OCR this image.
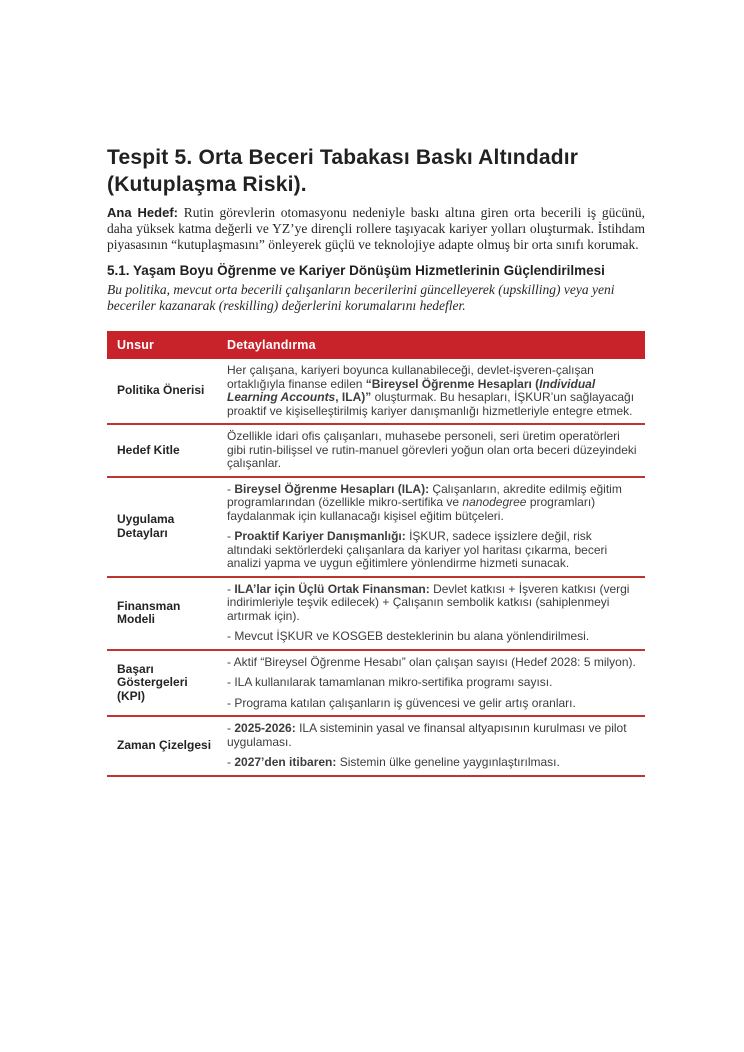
Tespit 5. Orta Beceri Tabakası Baskı Altındadır (Kutuplaşma Riski).

Ana Hedef: Rutin görevlerin otomasyonu nedeniyle baskı altına giren orta becerili iş gücünü, daha yüksek katma değerli ve YZ’ye dirençli rollere taşıyacak kariyer yolları oluşturmak. İstihdam piyasasının “kutuplaşmasını” önleyerek güçlü ve teknolojiye adapte olmuş bir orta sınıfı korumak.

5.1. Yaşam Boyu Öğrenme ve Kariyer Dönüşüm Hizmetlerinin Güçlendirilmesi

Bu politika, mevcut orta becerili çalışanların becerilerini güncelleyerek (upskilling) veya yeni beceriler kazanarak (reskilling) değerlerini korumalarını hedefler.

Unsur	Detaylandırma
Politika Önerisi	Her çalışana, kariyeri boyunca kullanabileceği, devlet-işveren-çalışan ortaklığıyla finanse edilen “Bireysel Öğrenme Hesapları (Individual Learning Accounts, ILA)” oluşturmak. Bu hesapları, İŞKUR’un sağlayacağı proaktif ve kişiselleştirilmiş kariyer danışmanlığı hizmetleriyle entegre etmek.

Hedef Kitle	Özellikle idari ofis çalışanları, muhasebe personeli, seri üretim operatörleri gibi rutin-bilişsel ve rutin-manuel görevleri yoğun olan orta beceri düzeyindeki çalışanlar.

Uygulama Detayları	- Bireysel Öğrenme Hesapları (ILA): Çalışanların, akredite edilmiş eğitim programlarından (özellikle mikro-sertifika ve nanodegree programları) faydalanmak için kullanacağı kişisel eğitim bütçeleri.

- Proaktif Kariyer Danışmanlığı: İŞKUR, sadece işsizlere değil, risk altındaki sektörlerdeki çalışanlara da kariyer yol haritası çıkarma, beceri analizi yapma ve uygun eğitimlere yönlendirme hizmeti sunacak.

Finansman Modeli	- ILA’lar için Üçlü Ortak Finansman: Devlet katkısı + İşveren katkısı (vergi indirimleriyle teşvik edilecek) + Çalışanın sembolik katkısı (sahiplenmeyi artırmak için).

- Mevcut İŞKUR ve KOSGEB desteklerinin bu alana yönlendirilmesi.

Başarı Göstergeleri (KPI)	- Aktif “Bireysel Öğrenme Hesabı” olan çalışan sayısı (Hedef 2028: 5 milyon).

- ILA kullanılarak tamamlanan mikro-sertifika programı sayısı.

- Programa katılan çalışanların iş güvencesi ve gelir artış oranları.

Zaman Çizelgesi	- 2025-2026: ILA sisteminin yasal ve finansal altyapısının kurulması ve pilot uygulaması.

- 2027’den itibaren: Sistemin ülke geneline yaygınlaştırılması.
